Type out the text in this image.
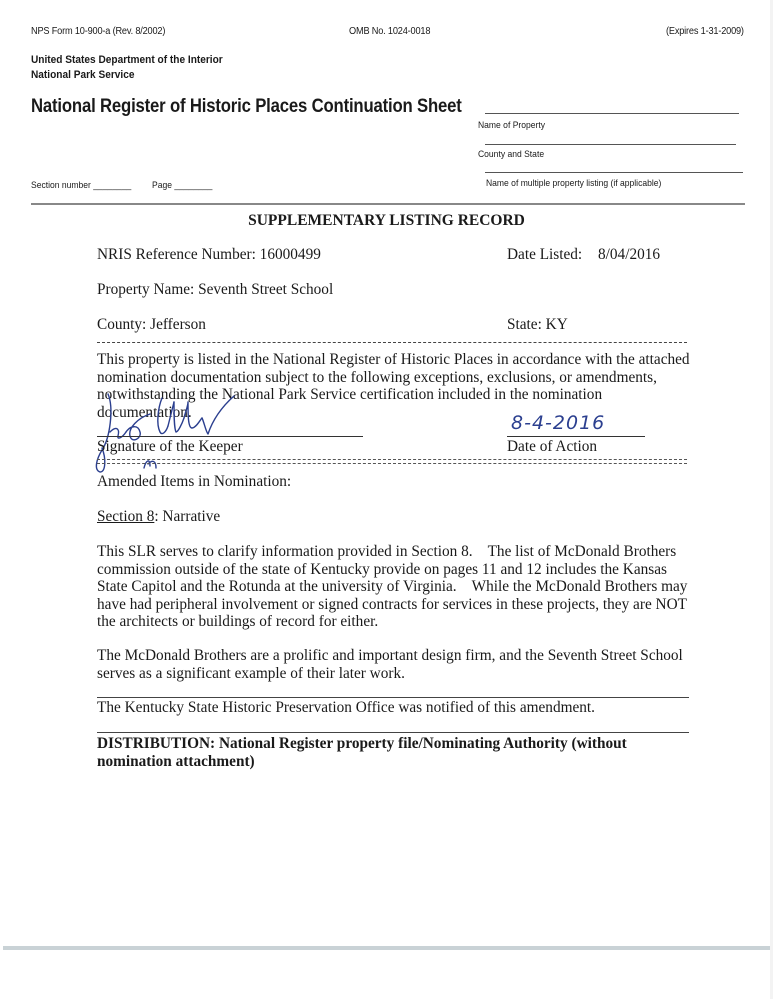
NPS Form 10-900-a (Rev. 8/2002)	OMB No. 1024-0018	(Expires 1-31-2009)
United States Department of the Interior
National Park Service
National Register of Historic Places Continuation Sheet
Name of Property
County and State
Name of multiple property listing (if applicable)
Section number ________ Page ________
SUPPLEMENTARY LISTING RECORD
NRIS Reference Number: 16000499	Date Listed: 8/04/2016
Property Name: Seventh Street School
County: Jefferson	State: KY
This property is listed in the National Register of Historic Places in accordance with the attached nomination documentation subject to the following exceptions, exclusions, or amendments, notwithstanding the National Park Service certification included in the nomination documentation.
Signature of the Keeper
8-4-2016
Date of Action
Amended Items in Nomination:
Section 8: Narrative
This SLR serves to clarify information provided in Section 8.    The list of McDonald Brothers commission outside of the state of Kentucky provide on pages 11 and 12 includes the Kansas State Capitol and the Rotunda at the university of Virginia.    While the McDonald Brothers may have had peripheral involvement or signed contracts for services in these projects, they are NOT the architects or buildings of record for either.
The McDonald Brothers are a prolific and important design firm, and the Seventh Street School serves as a significant example of their later work.
The Kentucky State Historic Preservation Office was notified of this amendment.
DISTRIBUTION: National Register property file/Nominating Authority (without nomination attachment)
